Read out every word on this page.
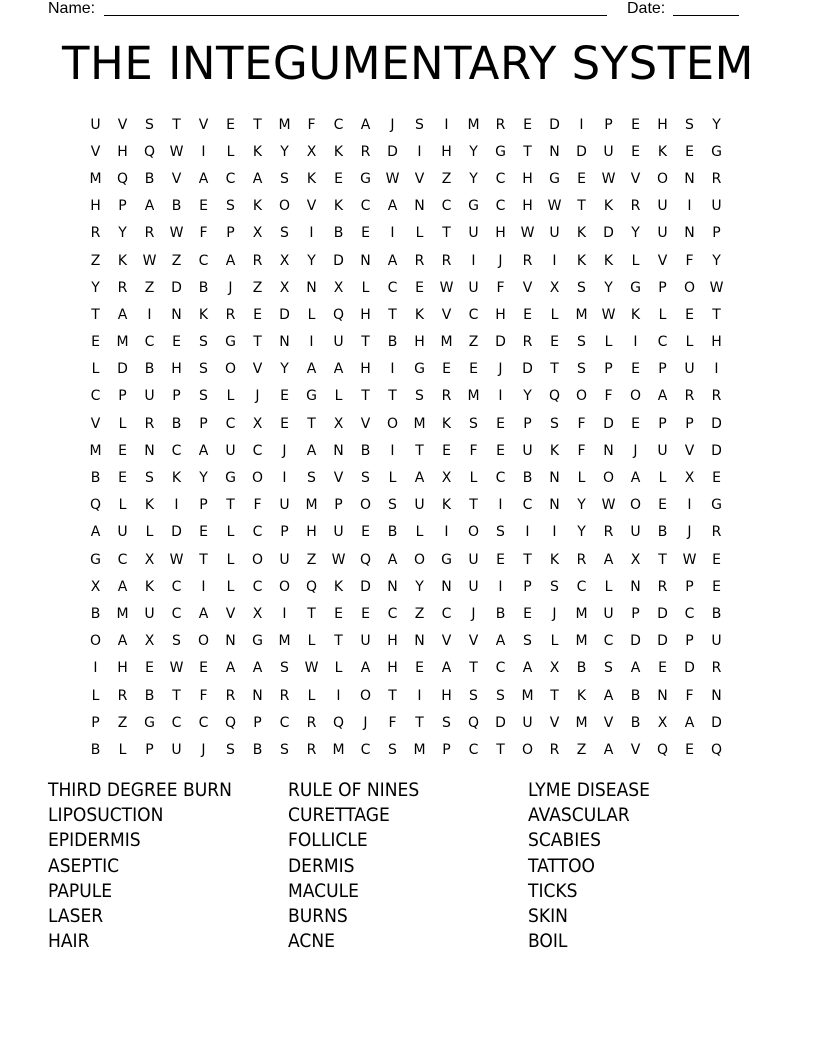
Name:	Date:
THE INTEGUMENTARY SYSTEM
U	V	S	T	V	E	T	M	F	C	A	J	S	I	M	R	E	D	I	P	E	H	S	Y
V	H	Q	W	I	L	K	Y	X	K	R	D	I	H	Y	G	T	N	D	U	E	K	E	G
M	Q	B	V	A	C	A	S	K	E	G	W	V	Z	Y	C	H	G	E	W	V	O	N	R
H	P	A	B	E	S	K	O	V	K	C	A	N	C	G	C	H	W	T	K	R	U	I	U
R	Y	R	W	F	P	X	S	I	B	E	I	L	T	U	H	W	U	K	D	Y	U	N	P
Z	K	W	Z	C	A	R	X	Y	D	N	A	R	R	I	J	R	I	K	K	L	V	F	Y
Y	R	Z	D	B	J	Z	X	N	X	L	C	E	W	U	F	V	X	S	Y	G	P	O	W
T	A	I	N	K	R	E	D	L	Q	H	T	K	V	C	H	E	L	M	W	K	L	E	T
E	M	C	E	S	G	T	N	I	U	T	B	H	M	Z	D	R	E	S	L	I	C	L	H
L	D	B	H	S	O	V	Y	A	A	H	I	G	E	E	J	D	T	S	P	E	P	U	I
C	P	U	P	S	L	J	E	G	L	T	T	S	R	M	I	Y	Q	O	F	O	A	R	R
V	L	R	B	P	C	X	E	T	X	V	O	M	K	S	E	P	S	F	D	E	P	P	D
M	E	N	C	A	U	C	J	A	N	B	I	T	E	F	E	U	K	F	N	J	U	V	D
B	E	S	K	Y	G	O	I	S	V	S	L	A	X	L	C	B	N	L	O	A	L	X	E
Q	L	K	I	P	T	F	U	M	P	O	S	U	K	T	I	C	N	Y	W	O	E	I	G
A	U	L	D	E	L	C	P	H	U	E	B	L	I	O	S	I	I	Y	R	U	B	J	R
G	C	X	W	T	L	O	U	Z	W	Q	A	O	G	U	E	T	K	R	A	X	T	W	E
X	A	K	C	I	L	C	O	Q	K	D	N	Y	N	U	I	P	S	C	L	N	R	P	E
B	M	U	C	A	V	X	I	T	E	E	C	Z	C	J	B	E	J	M	U	P	D	C	B
O	A	X	S	O	N	G	M	L	T	U	H	N	V	V	A	S	L	M	C	D	D	P	U
I	H	E	W	E	A	A	S	W	L	A	H	E	A	T	C	A	X	B	S	A	E	D	R
L	R	B	T	F	R	N	R	L	I	O	T	I	H	S	S	M	T	K	A	B	N	F	N
P	Z	G	C	C	Q	P	C	R	Q	J	F	T	S	Q	D	U	V	M	V	B	X	A	D
B	L	P	U	J	S	B	S	R	M	C	S	M	P	C	T	O	R	Z	A	V	Q	E	Q
THIRD DEGREE BURN
LIPOSUCTION
EPIDERMIS
ASEPTIC
PAPULE
LASER
HAIR
RULE OF NINES
CURETTAGE
FOLLICLE
DERMIS
MACULE
BURNS
ACNE
LYME DISEASE
AVASCULAR
SCABIES
TATTOO
TICKS
SKIN
BOIL
